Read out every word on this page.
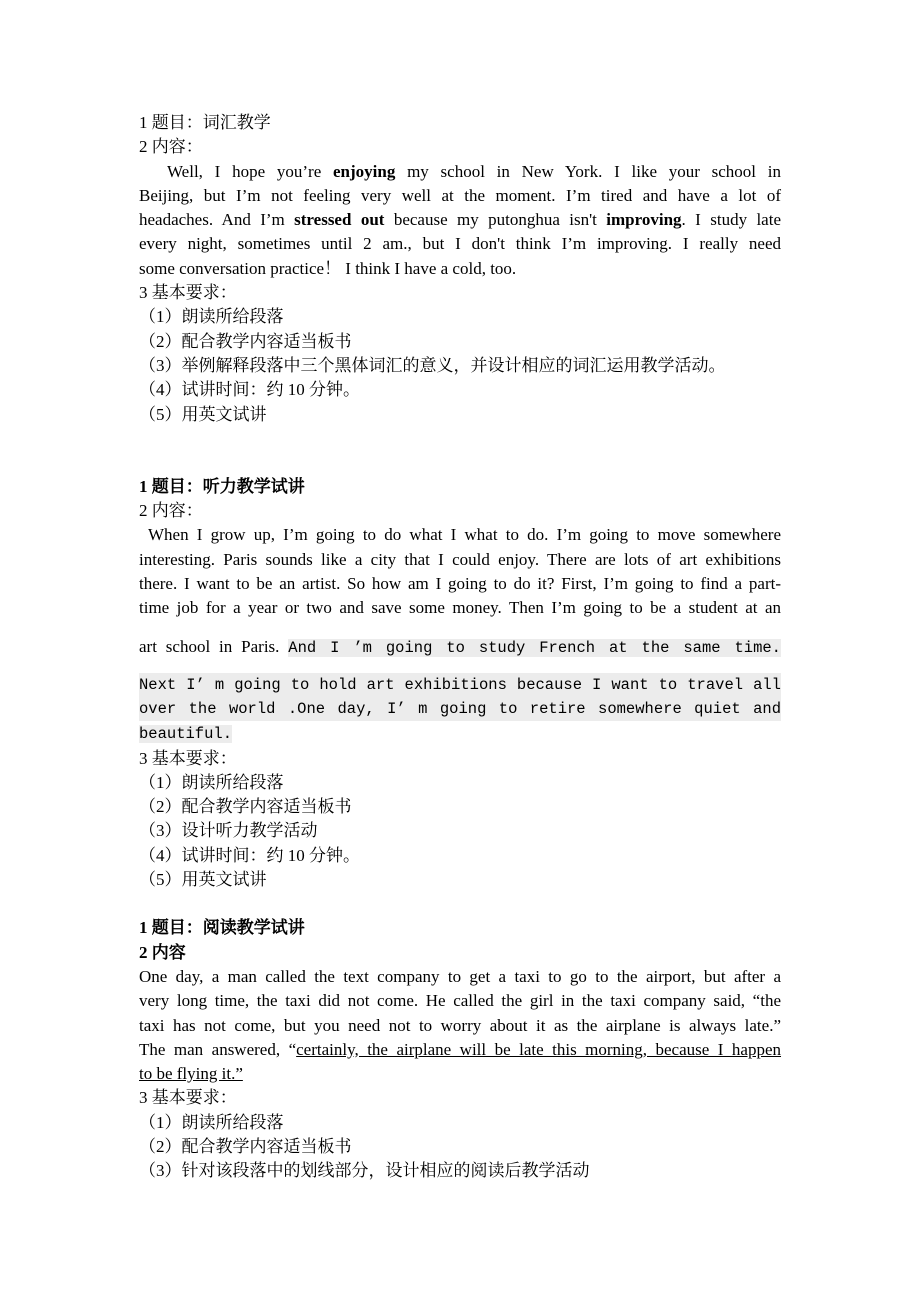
1 题目：词汇教学
2 内容：
Well, I hope you’re enjoying my school in New York. I like your school in
Beijing, but I’m not feeling very well at the moment. I’m tired and have a lot of
headaches. And I’m stressed out because my putonghua isn't improving. I study late
every night, sometimes until 2 am., but I don't think I’m improving. I really need
some conversation practice！ I think I have a cold, too.
3 基本要求：
（1）朗读所给段落
（2）配合教学内容适当板书
（3）举例解释段落中三个黑体词汇的意义，并设计相应的词汇运用教学活动。
（4）试讲时间：约 10 分钟。
（5）用英文试讲
1 题目：听力教学试讲
2 内容：
When I grow up, I’m going to do what I what to do. I’m going to move somewhere
interesting. Paris sounds like a city that I could enjoy. There are lots of art exhibitions
there. I want to be an artist. So how am I going to do it? First, I’m going to find a part-
time job for a year or two and save some money. Then I’m going to be a student at an
art school in Paris. And I ’m going to study French at the same time.
Next I’ m going to hold art exhibitions because I want to travel all
over the world .One day, I’ m going to retire somewhere quiet and
beautiful.
3 基本要求：
（1）朗读所给段落
（2）配合教学内容适当板书
（3）设计听力教学活动
（4）试讲时间：约 10 分钟。
（5）用英文试讲
1 题目：阅读教学试讲
2 内容
One day, a man called the text company to get a taxi to go to the airport, but after a
very long time, the taxi did not come. He called the girl in the taxi company said, “the
taxi has not come, but you need not to worry about it as the airplane is always late.”
The man answered, “certainly, the airplane will be late this morning, because I happen
to be flying it.”
3 基本要求：
（1）朗读所给段落
（2）配合教学内容适当板书
（3）针对该段落中的划线部分，设计相应的阅读后教学活动
